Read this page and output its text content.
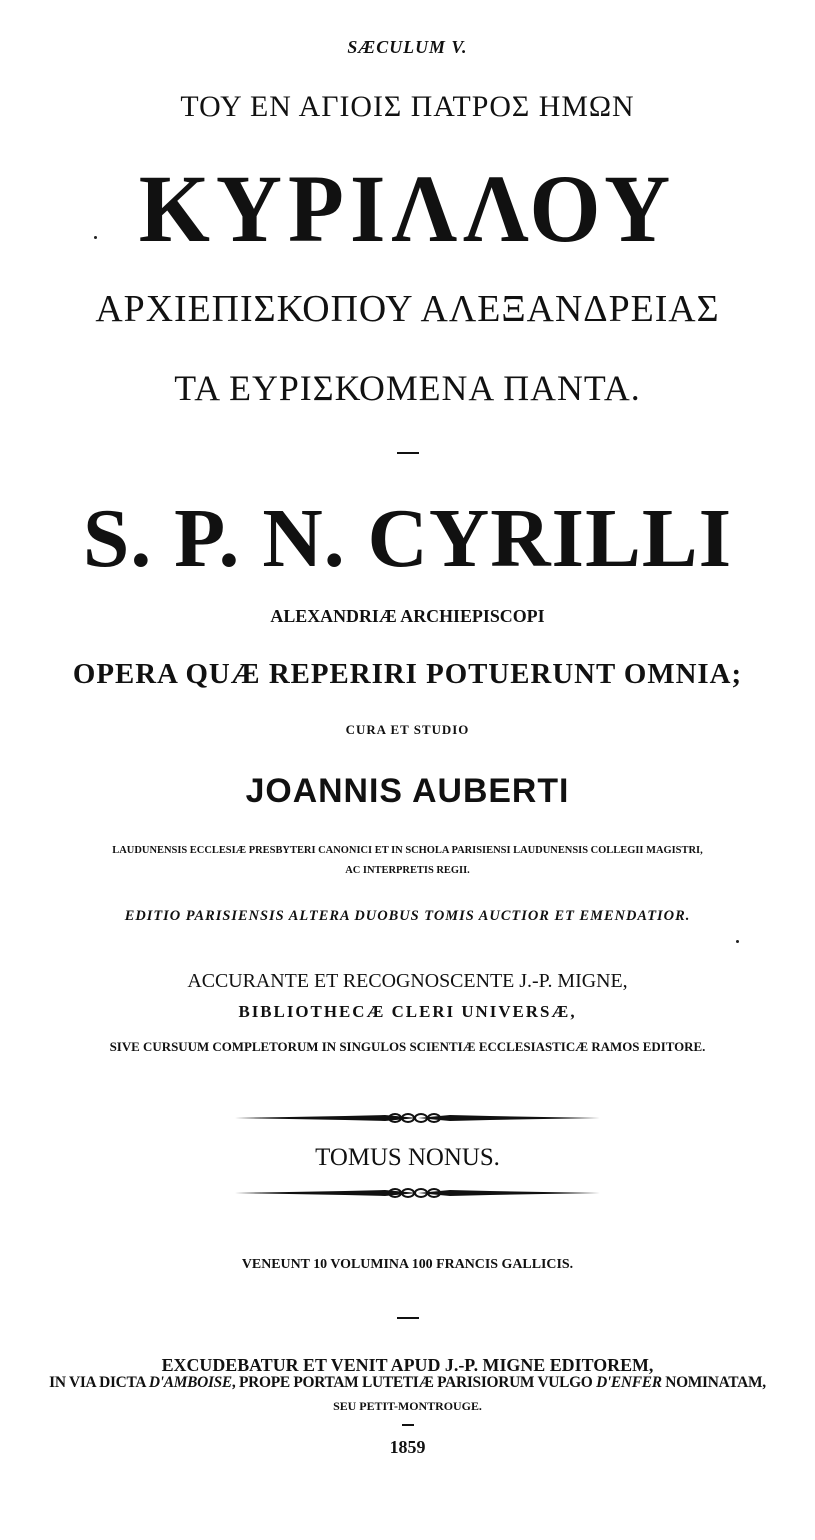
SÆCULUM V.
ΤΟΥ ΕΝ ΑΓΙΟΙΣ ΠΑΤΡΟΣ ΗΜΩΝ
ΚΥΡΙΛΛΟΥ
ΑΡΧΙΕΠΙΣΚΟΠΟΥ ΑΛΕΞΑΝΔΡΕΙΑΣ
ΤΑ ΕΥΡΙΣΚΟΜΕΝΑ ΠΑΝΤΑ.
S. P. N. CYRILLI
ALEXANDRIÆ ARCHIEPISCOPI
OPERA QUÆ REPERIRI POTUERUNT OMNIA;
CURA ET STUDIO
JOANNIS AUBERTI
LAUDUNENSIS ECCLESIÆ PRESBYTERI CANONICI ET IN SCHOLA PARISIENSI LAUDUNENSIS COLLEGII MAGISTRI,
AC INTERPRETIS REGII.
EDITIO PARISIENSIS ALTERA DUOBUS TOMIS AUCTIOR ET EMENDATIOR.
ACCURANTE ET RECOGNOSCENTE J.-P. MIGNE,
BIBLIOTHECÆ CLERI UNIVERSÆ,
SIVE CURSUUM COMPLETORUM IN SINGULOS SCIENTIÆ ECCLESIASTICÆ RAMOS EDITORE.
TOMUS NONUS.
VENEUNT 10 VOLUMINA 100 FRANCIS GALLICIS.
EXCUDEBATUR ET VENIT APUD J.-P. MIGNE EDITOREM,
IN VIA DICTA D'AMBOISE, PROPE PORTAM LUTETIÆ PARISIORUM VULGO D'ENFER NOMINATAM,
SEU PETIT-MONTROUGE.
1859
